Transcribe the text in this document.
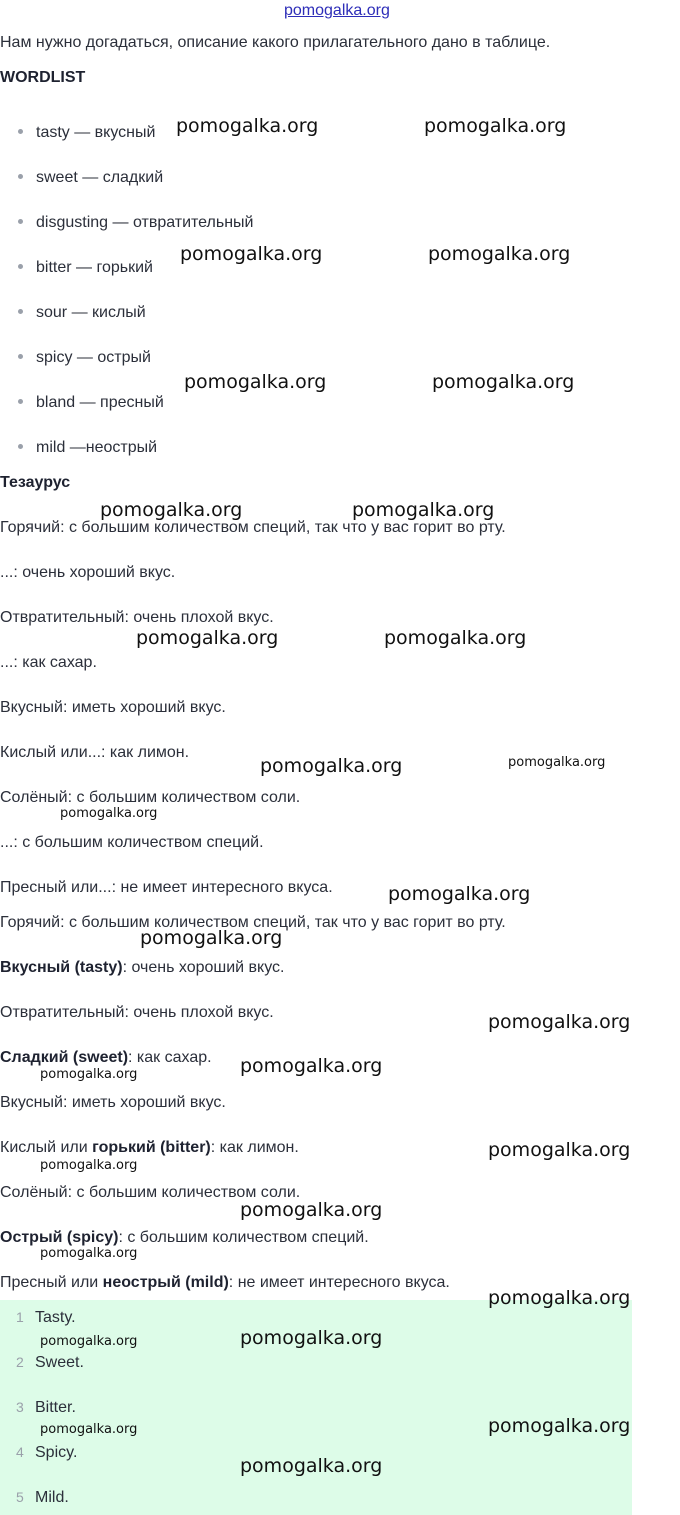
pomogalka.org
Нам нужно догадаться, описание какого прилагательного дано в таблице.
WORDLIST
tasty — вкусный
sweet — сладкий
disgusting — отвратительный
bitter — горький
sour — кислый
spicy — острый
bland — пресный
mild —неострый
Тезаурус
Горячий: с большим количеством специй, так что у вас горит во рту.
...: очень хороший вкус.
Отвратительный: очень плохой вкус.
...: как сахар.
Вкусный: иметь хороший вкус.
Кислый или...: как лимон.
Солёный: с большим количеством соли.
...: с большим количеством специй.
Пресный или...: не имеет интересного вкуса.
Горячий: с большим количеством специй, так что у вас горит во рту.
Вкусный (tasty): очень хороший вкус.
Отвратительный: очень плохой вкус.
Сладкий (sweet): как сахар.
Вкусный: иметь хороший вкус.
Кислый или горький (bitter): как лимон.
Солёный: с большим количеством соли.
Острый (spicy): с большим количеством специй.
Пресный или неострый (mild): не имеет интересного вкуса.
1 Tasty.
2 Sweet.
3 Bitter.
4 Spicy.
5 Mild.
pomogalka.org	pomogalka.org
pomogalka.org	pomogalka.org
pomogalka.org	pomogalka.org
pomogalka.org	pomogalka.org
pomogalka.org	pomogalka.org
pomogalka.org	pomogalka.org
pomogalka.org
pomogalka.org
pomogalka.org
pomogalka.org
pomogalka.org
pomogalka.org
pomogalka.org
pomogalka.org
pomogalka.org
pomogalka.org
pomogalka.org
pomogalka.org
pomogalka.org
pomogalka.org
pomogalka.org
pomogalka.org
